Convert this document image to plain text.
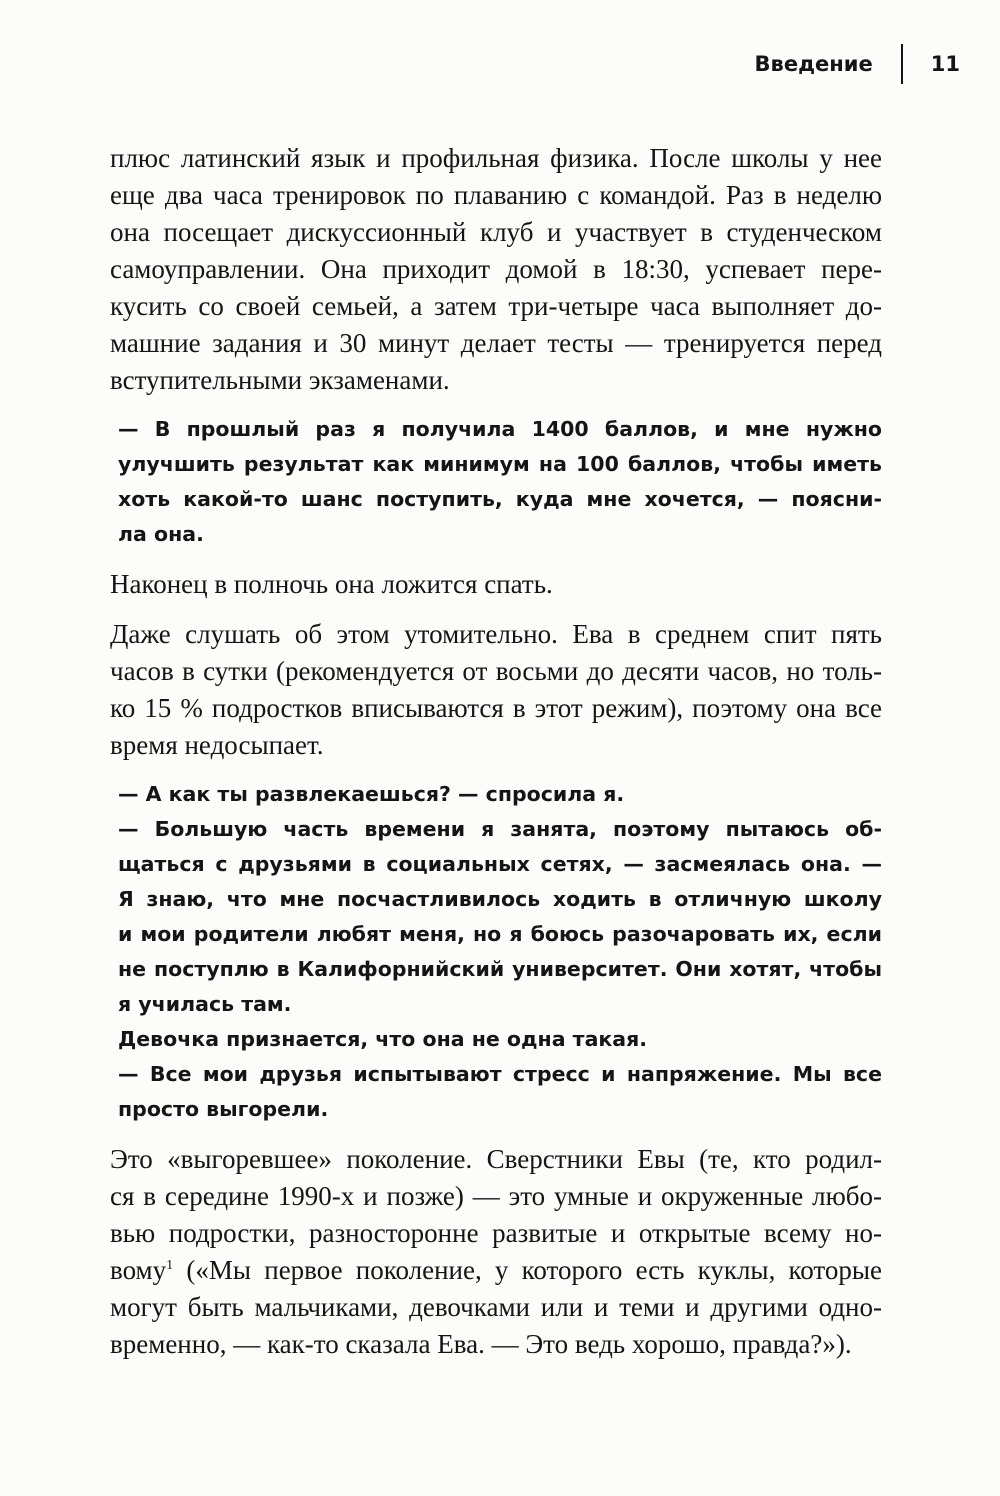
Введение	11

плюс латинский язык и профильная физика. После школы у нее
еще два часа тренировок по плаванию с командой. Раз в неделю
она посещает дискуссионный клуб и участвует в студенческом
самоуправлении. Она приходит домой в 18:30, успевает пере-
кусить со своей семьей, а затем три-четыре часа выполняет до-
машние задания и 30 минут делает тесты — тренируется перед
вступительными экзаменами.

— В прошлый раз я получила 1400 баллов, и мне нужно
улучшить результат как минимум на 100 баллов, чтобы иметь
хоть какой-то шанс поступить, куда мне хочется, — поясни-
ла она.

Наконец в полночь она ложится спать.

Даже слушать об этом утомительно. Ева в среднем спит пять
часов в сутки (рекомендуется от восьми до десяти часов, но толь-
ко 15 % подростков вписываются в этот режим), поэтому она все
время недосыпает.

— А как ты развлекаешься? — спросила я.
— Большую часть времени я занята, поэтому пытаюсь об-
щаться с друзьями в социальных сетях, — засмеялась она. —
Я знаю, что мне посчастливилось ходить в отличную школу
и мои родители любят меня, но я боюсь разочаровать их, если
не поступлю в Калифорнийский университет. Они хотят, чтобы
я училась там.
Девочка признается, что она не одна такая.
— Все мои друзья испытывают стресс и напряжение. Мы все
просто выгорели.

Это «выгоревшее» поколение. Сверстники Евы (те, кто родил-
ся в середине 1990-х и позже) — это умные и окруженные любо-
вью подростки, разносторонне развитые и открытые всему но-
вому$^1$ («Мы первое поколение, у которого есть куклы, которые
могут быть мальчиками, девочками или и теми и другими одно-
временно, — как-то сказала Ева. — Это ведь хорошо, правда?»).
